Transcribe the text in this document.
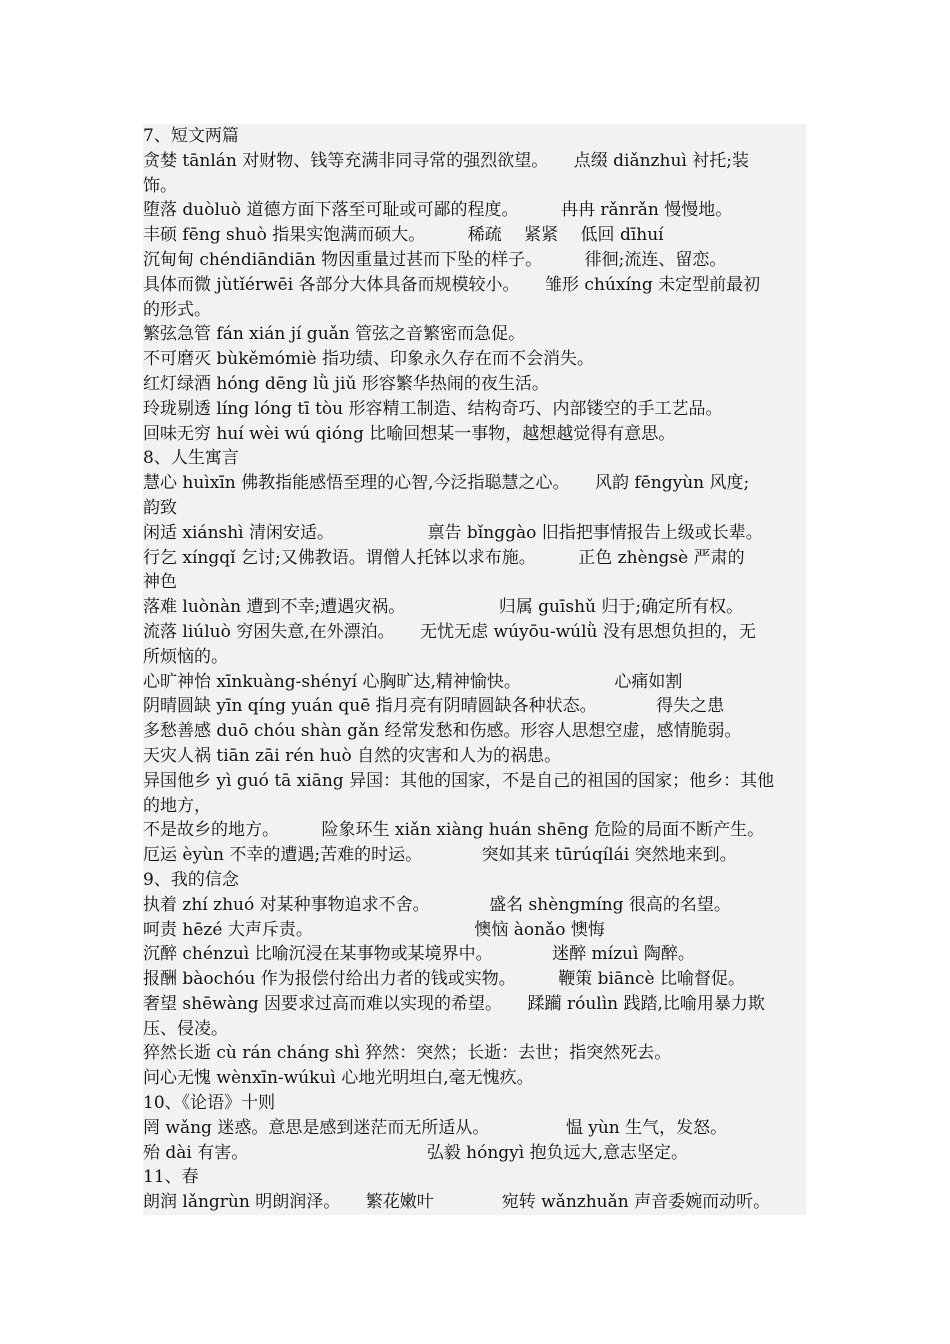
7、短文两篇
贪婪 tānlán 对财物、钱等充满非同寻常的强烈欲望。　　点缀 diǎnzhuì 衬托;装
饰。
堕落 duòluò 道德方面下落至可耻或可鄙的程度。　　　冉冉 rǎnrǎn 慢慢地。
丰硕 fēng shuò 指果实饱满而硕大。　　　稀疏　 紧紧　 低回 dīhuí
沉甸甸 chéndiāndiān 物因重量过甚而下坠的样子。　　　徘徊;流连、留恋。
具体而微 jùtǐérwēi 各部分大体具备而规模较小。　　雏形 chúxíng 未定型前最初
的形式。
繁弦急管 fán xián jí guǎn 管弦之音繁密而急促。
不可磨灭 bùkěmómiè 指功绩、印象永久存在而不会消失。
红灯绿酒 hóng dēng lǜ jiǔ 形容繁华热闹的夜生活。
玲珑剔透 líng lóng tī tòu 形容精工制造、结构奇巧、内部镂空的手工艺品。
回味无穷 huí wèi wú qióng 比喻回想某一事物，越想越觉得有意思。
8、人生寓言
慧心 huìxīn 佛教指能感悟至理的心智,今泛指聪慧之心。　　风韵 fēngyùn 风度;
韵致
闲适 xiánshì 清闲安适。　　　　　　禀告 bǐnggào 旧指把事情报告上级或长辈。
行乞 xíngqǐ 乞讨;又佛教语。谓僧人托钵以求布施。　　　正色 zhèngsè 严肃的
神色
落难 luònàn 遭到不幸;遭遇灾祸。　　　　　　归属 guīshǔ 归于;确定所有权。
流落 liúluò 穷困失意,在外漂泊。　　无忧无虑 wúyōu-wúlǜ 没有思想负担的，无
所烦恼的。
心旷神怡 xīnkuàng-shényí 心胸旷达,精神愉快。　　　　　　心痛如割
阴晴圆缺 yīn qíng yuán quē 指月亮有阴晴圆缺各种状态。　　　　得失之患
多愁善感 duō chóu shàn gǎn 经常发愁和伤感。形容人思想空虚，感情脆弱。
天灾人祸 tiān zāi rén huò 自然的灾害和人为的祸患。
异国他乡 yì guó tā xiāng 异国：其他的国家，不是自己的祖国的国家；他乡：其他
的地方，
不是故乡的地方。　　　险象环生 xiǎn xiàng huán shēng 危险的局面不断产生。
厄运 èyùn 不幸的遭遇;苦难的时运。　　　　突如其来 tūrúqílái 突然地来到。
9、我的信念
执着 zhí zhuó 对某种事物追求不舍。　　　　盛名 shèngmíng 很高的名望。
呵责 hēzé 大声斥责。　　　　　　　　　　懊恼 àonǎo 懊悔
沉醉 chénzuì 比喻沉浸在某事物或某境界中。　　　　迷醉 mízuì 陶醉。
报酬 bàochóu 作为报偿付给出力者的钱或实物。　　　鞭策 biāncè 比喻督促。
奢望 shēwàng 因要求过高而难以实现的希望。　　蹂躏 róulìn 践踏,比喻用暴力欺
压、侵凌。
猝然长逝 cù rán cháng shì 猝然：突然；长逝：去世；指突然死去。
问心无愧 wènxīn-wúkuì 心地光明坦白,毫无愧疚。
10、《论语》十则
罔 wǎng 迷惑。意思是感到迷茫而无所适从。　　　　　愠 yùn 生气，发怒。
殆 dài 有害。　　　　　　　　　　　弘毅 hóngyì 抱负远大,意志坚定。
11、春
朗润 lǎngrùn 明朗润泽。　　繁花嫩叶　　　　宛转 wǎnzhuǎn 声音委婉而动听。
